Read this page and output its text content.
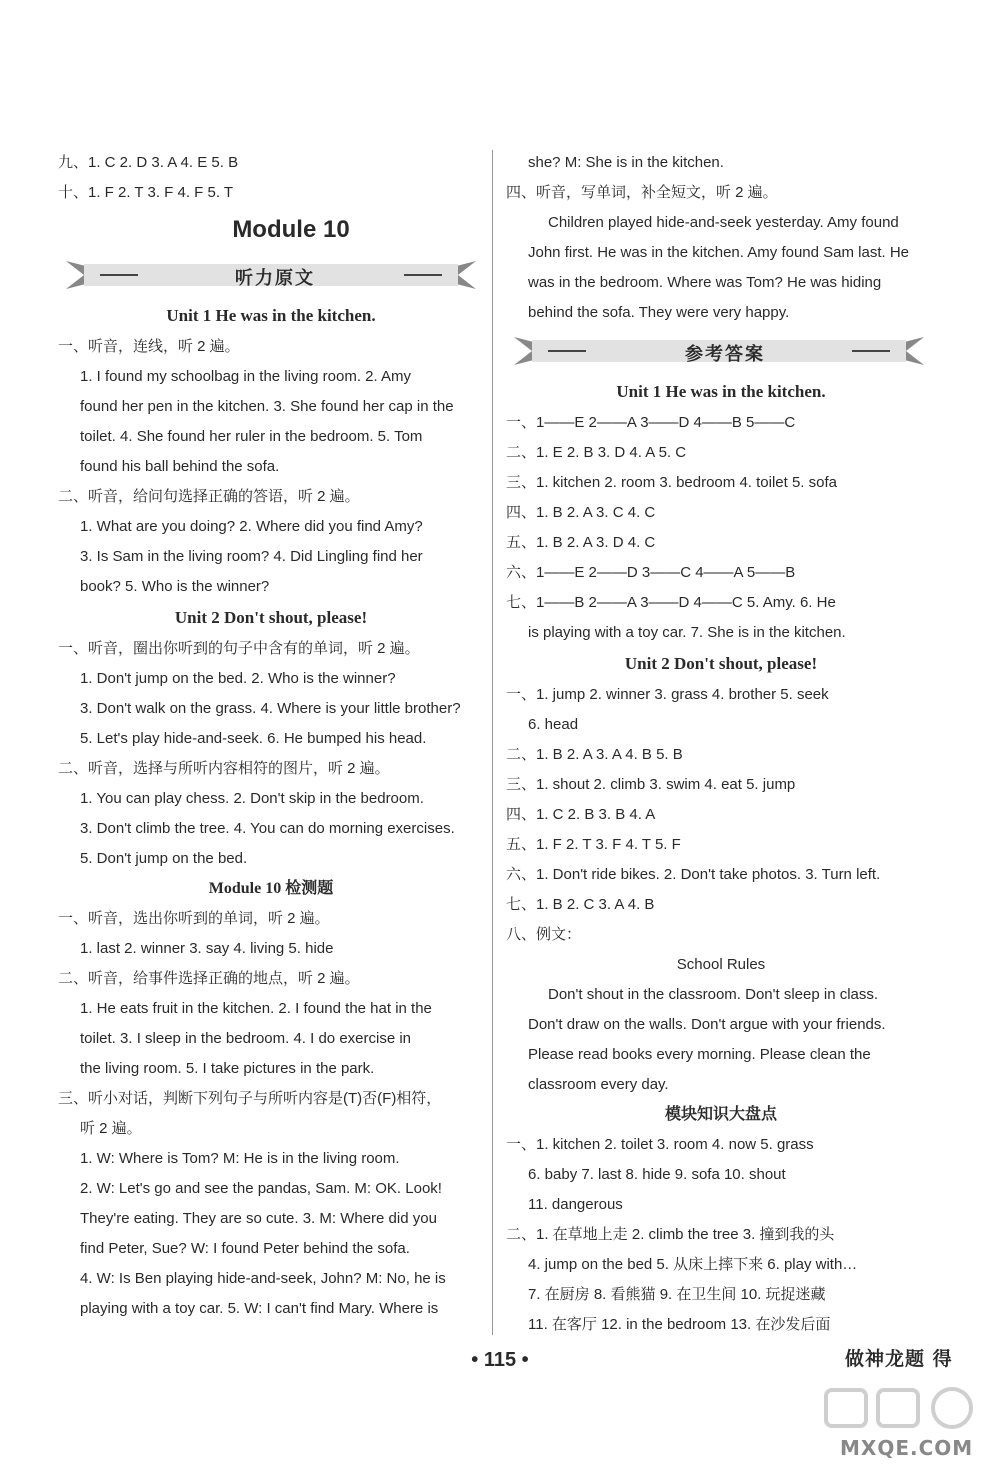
九、1. C 2. D 3. A 4. E 5. B

十、1. F 2. T 3. F 4. F 5. T

Module 10
听力原文
Unit 1 He was in the kitchen.

一、听音，连线，听 2 遍。

1. I found my schoolbag in the living room. 2. Amy

found her pen in the kitchen. 3. She found her cap in the

toilet. 4. She found her ruler in the bedroom. 5. Tom

found his ball behind the sofa.

二、听音，给问句选择正确的答语，听 2 遍。

1. What are you doing? 2. Where did you find Amy?

3. Is Sam in the living room? 4. Did Lingling find her

book? 5. Who is the winner?

Unit 2 Don't shout, please!

一、听音，圈出你听到的句子中含有的单词，听 2 遍。

1. Don't jump on the bed. 2. Who is the winner?

3. Don't walk on the grass. 4. Where is your little brother?

5. Let's play hide-and-seek. 6. He bumped his head.

二、听音，选择与所听内容相符的图片，听 2 遍。

1. You can play chess. 2. Don't skip in the bedroom.

3. Don't climb the tree. 4. You can do morning exercises.

5. Don't jump on the bed.

Module 10 检测题

一、听音，选出你听到的单词，听 2 遍。

1. last 2. winner 3. say 4. living 5. hide

二、听音，给事件选择正确的地点，听 2 遍。

1. He eats fruit in the kitchen. 2. I found the hat in the

toilet. 3. I sleep in the bedroom. 4. I do exercise in

the living room. 5. I take pictures in the park.

三、听小对话，判断下列句子与所听内容是(T)否(F)相符，

听 2 遍。

1. W: Where is Tom? M: He is in the living room.

2. W: Let's go and see the pandas, Sam. M: OK. Look!

They're eating. They are so cute. 3. M: Where did you

find Peter, Sue? W: I found Peter behind the sofa.

4. W: Is Ben playing hide-and-seek, John? M: No, he is

playing with a toy car. 5. W: I can't find Mary. Where is

she? M: She is in the kitchen.

四、听音，写单词，补全短文，听 2 遍。

Children played hide-and-seek yesterday. Amy found

John first. He was in the kitchen. Amy found Sam last. He

was in the bedroom. Where was Tom? He was hiding

behind the sofa. They were very happy.

参考答案
Unit 1 He was in the kitchen.

一、1——E 2——A 3——D 4——B 5——C

二、1. E 2. B 3. D 4. A 5. C

三、1. kitchen 2. room 3. bedroom 4. toilet 5. sofa

四、1. B 2. A 3. C 4. C

五、1. B 2. A 3. D 4. C

六、1——E 2——D 3——C 4——A 5——B

七、1——B 2——A 3——D 4——C 5. Amy. 6. He

is playing with a toy car. 7. She is in the kitchen.

Unit 2 Don't shout, please!

一、1. jump 2. winner 3. grass 4. brother 5. seek

6. head

二、1. B 2. A 3. A 4. B 5. B

三、1. shout 2. climb 3. swim 4. eat 5. jump

四、1. C 2. B 3. B 4. A

五、1. F 2. T 3. F 4. T 5. F

六、1. Don't ride bikes. 2. Don't take photos. 3. Turn left.

七、1. B 2. C 3. A 4. B

八、例文：

School Rules

Don't shout in the classroom. Don't sleep in class.

Don't draw on the walls. Don't argue with your friends.

Please read books every morning. Please clean the

classroom every day.

模块知识大盘点

一、1. kitchen 2. toilet 3. room 4. now 5. grass

6. baby 7. last 8. hide 9. sofa 10. shout

11. dangerous

二、1. 在草地上走 2. climb the tree 3. 撞到我的头

4. jump on the bed 5. 从床上摔下来 6. play with…

7. 在厨房 8. 看熊猫 9. 在卫生间 10. 玩捉迷藏

11. 在客厅 12. in the bedroom 13. 在沙发后面

• 115 •	做神龙题 得
MXQE.COM
